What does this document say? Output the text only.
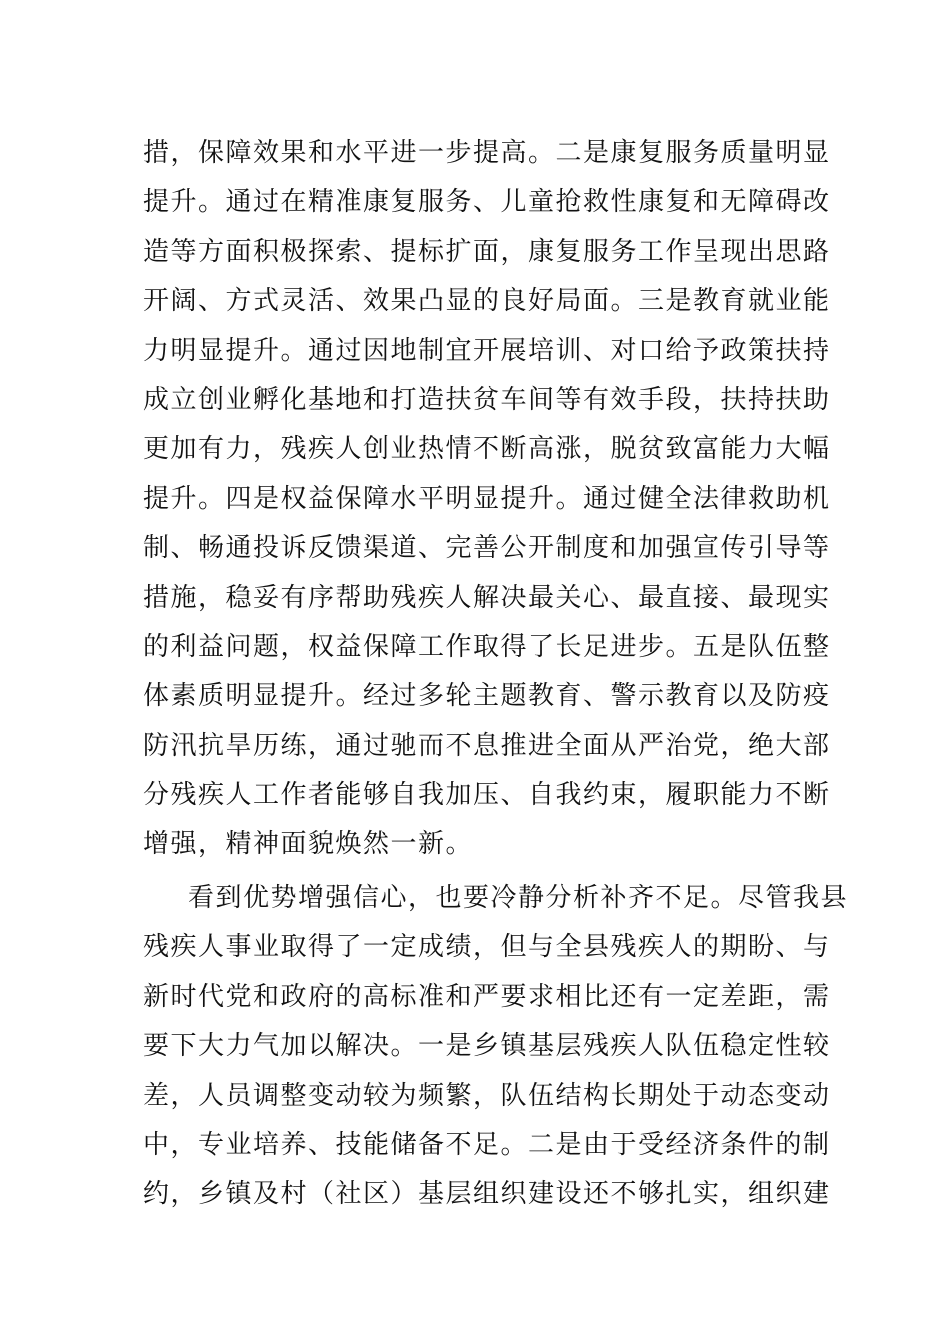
措，保障效果和水平进一步提高。二是康复服务质量明显
提升。通过在精准康复服务、儿童抢救性康复和无障碍改
造等方面积极探索、提标扩面，康复服务工作呈现出思路
开阔、方式灵活、效果凸显的良好局面。三是教育就业能
力明显提升。通过因地制宜开展培训、对口给予政策扶持
成立创业孵化基地和打造扶贫车间等有效手段，扶持扶助
更加有力，残疾人创业热情不断高涨，脱贫致富能力大幅
提升。四是权益保障水平明显提升。通过健全法律救助机
制、畅通投诉反馈渠道、完善公开制度和加强宣传引导等
措施，稳妥有序帮助残疾人解决最关心、最直接、最现实
的利益问题，权益保障工作取得了长足进步。五是队伍整
体素质明显提升。经过多轮主题教育、警示教育以及防疫
防汛抗旱历练，通过驰而不息推进全面从严治党，绝大部
分残疾人工作者能够自我加压、自我约束，履职能力不断
增强，精神面貌焕然一新。
看到优势增强信心，也要冷静分析补齐不足。尽管我县
残疾人事业取得了一定成绩，但与全县残疾人的期盼、与
新时代党和政府的高标准和严要求相比还有一定差距，需
要下大力气加以解决。一是乡镇基层残疾人队伍稳定性较
差，人员调整变动较为频繁，队伍结构长期处于动态变动
中，专业培养、技能储备不足。二是由于受经济条件的制
约，乡镇及村（社区）基层组织建设还不够扎实，组织建
